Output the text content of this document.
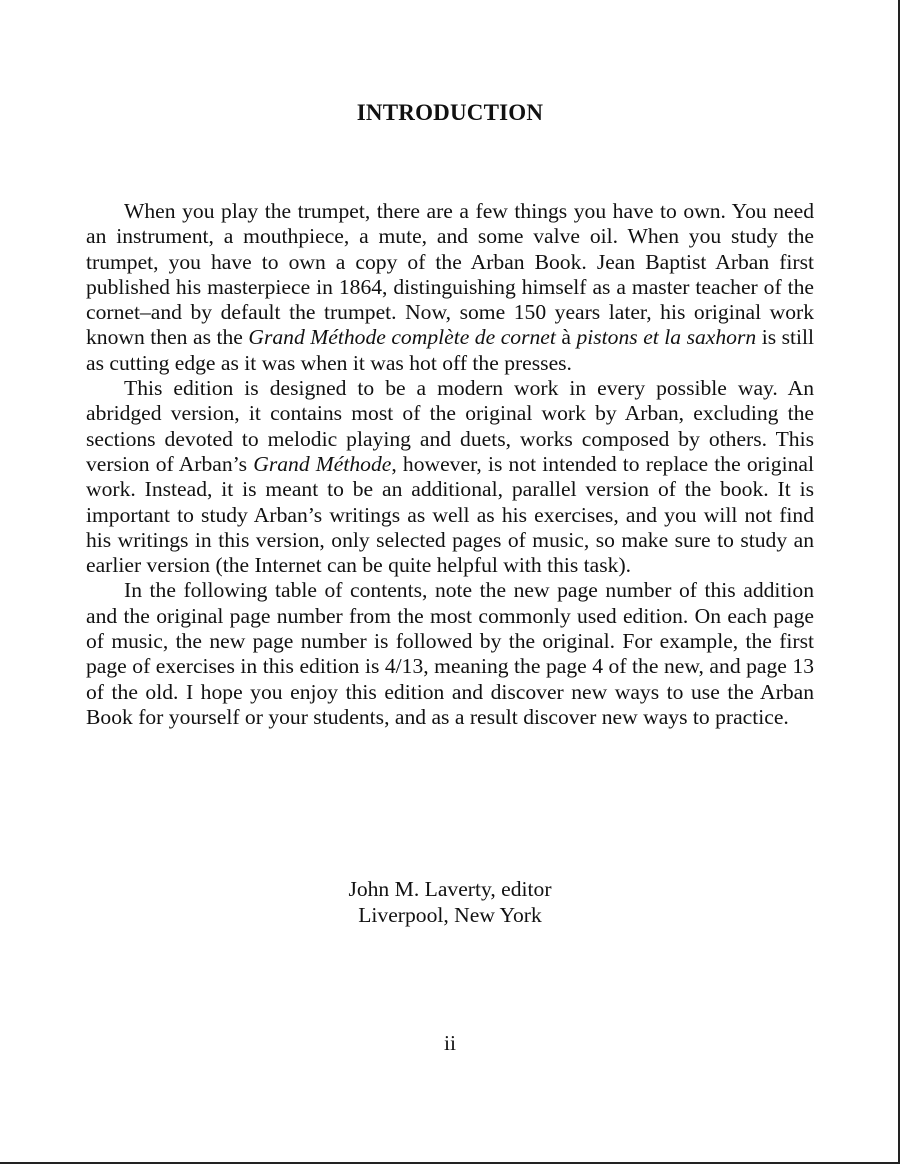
INTRODUCTION

When you play the trumpet, there are a few things you have to own. You need an instrument, a mouthpiece, a mute, and some valve oil. When you study the trumpet, you have to own a copy of the Arban Book. Jean Baptist Arban first published his masterpiece in 1864, distinguishing himself as a master teacher of the cornet–and by default the trumpet. Now, some 150 years later, his original work known then as the Grand Méthode complète de cornet à pistons et la saxhorn is still as cutting edge as it was when it was hot off the presses.

This edition is designed to be a modern work in every possible way. An abridged version, it contains most of the original work by Arban, excluding the sections devoted to melodic playing and duets, works composed by others. This version of Arban’s Grand Méthode, however, is not intended to replace the original work. Instead, it is meant to be an additional, parallel version of the book. It is important to study Arban’s writings as well as his exercises, and you will not find his writings in this version, only selected pages of music, so make sure to study an earlier version (the Internet can be quite helpful with this task).

In the following table of contents, note the new page number of this addition and the original page number from the most commonly used edition. On each page of music, the new page number is followed by the original. For example, the first page of exercises in this edition is 4/13, meaning the page 4 of the new, and page 13 of the old. I hope you enjoy this edition and discover new ways to use the Arban Book for yourself or your students, and as a result discover new ways to practice.

John M. Laverty, editor
Liverpool, New York
ii
